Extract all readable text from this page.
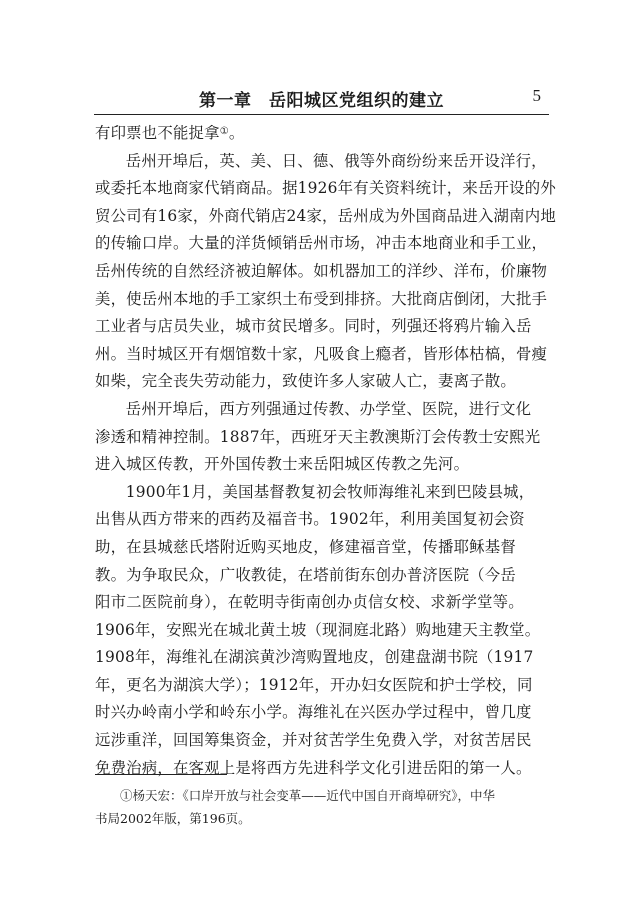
第一章　岳阳城区党组织的建立	5

有印票也不能捉拿①。

岳州开埠后，英、美、日、德、俄等外商纷纷来岳开设洋行，
或委托本地商家代销商品。据1926年有关资料统计，来岳开设的外
贸公司有16家，外商代销店24家，岳州成为外国商品进入湖南内地
的传输口岸。大量的洋货倾销岳州市场，冲击本地商业和手工业，
岳州传统的自然经济被迫解体。如机器加工的洋纱、洋布，价廉物
美，使岳州本地的手工家织土布受到排挤。大批商店倒闭，大批手
工业者与店员失业，城市贫民增多。同时，列强还将鸦片输入岳
州。当时城区开有烟馆数十家，凡吸食上瘾者，皆形体枯槁，骨瘦
如柴，完全丧失劳动能力，致使许多人家破人亡，妻离子散。

岳州开埠后，西方列强通过传教、办学堂、医院，进行文化
渗透和精神控制。1887年，西班牙天主教澳斯汀会传教士安熙光
进入城区传教，开外国传教士来岳阳城区传教之先河。

1900年1月，美国基督教复初会牧师海维礼来到巴陵县城，
出售从西方带来的西药及福音书。1902年，利用美国复初会资
助，在县城慈氏塔附近购买地皮，修建福音堂，传播耶稣基督
教。为争取民众，广收教徒，在塔前街东创办普济医院（今岳
阳市二医院前身），在乾明寺街南创办贞信女校、求新学堂等。
1906年，安熙光在城北黄土坡（现洞庭北路）购地建天主教堂。
1908年，海维礼在湖滨黄沙湾购置地皮，创建盘湖书院（1917
年，更名为湖滨大学）；1912年，开办妇女医院和护士学校，同
时兴办岭南小学和岭东小学。海维礼在兴医办学过程中，曾几度
远涉重洋，回国筹集资金，并对贫苦学生免费入学，对贫苦居民
免费治病，在客观上是将西方先进科学文化引进岳阳的第一人。

①杨天宏：《口岸开放与社会变革——近代中国自开商埠研究》，中华
书局2002年版，第196页。
